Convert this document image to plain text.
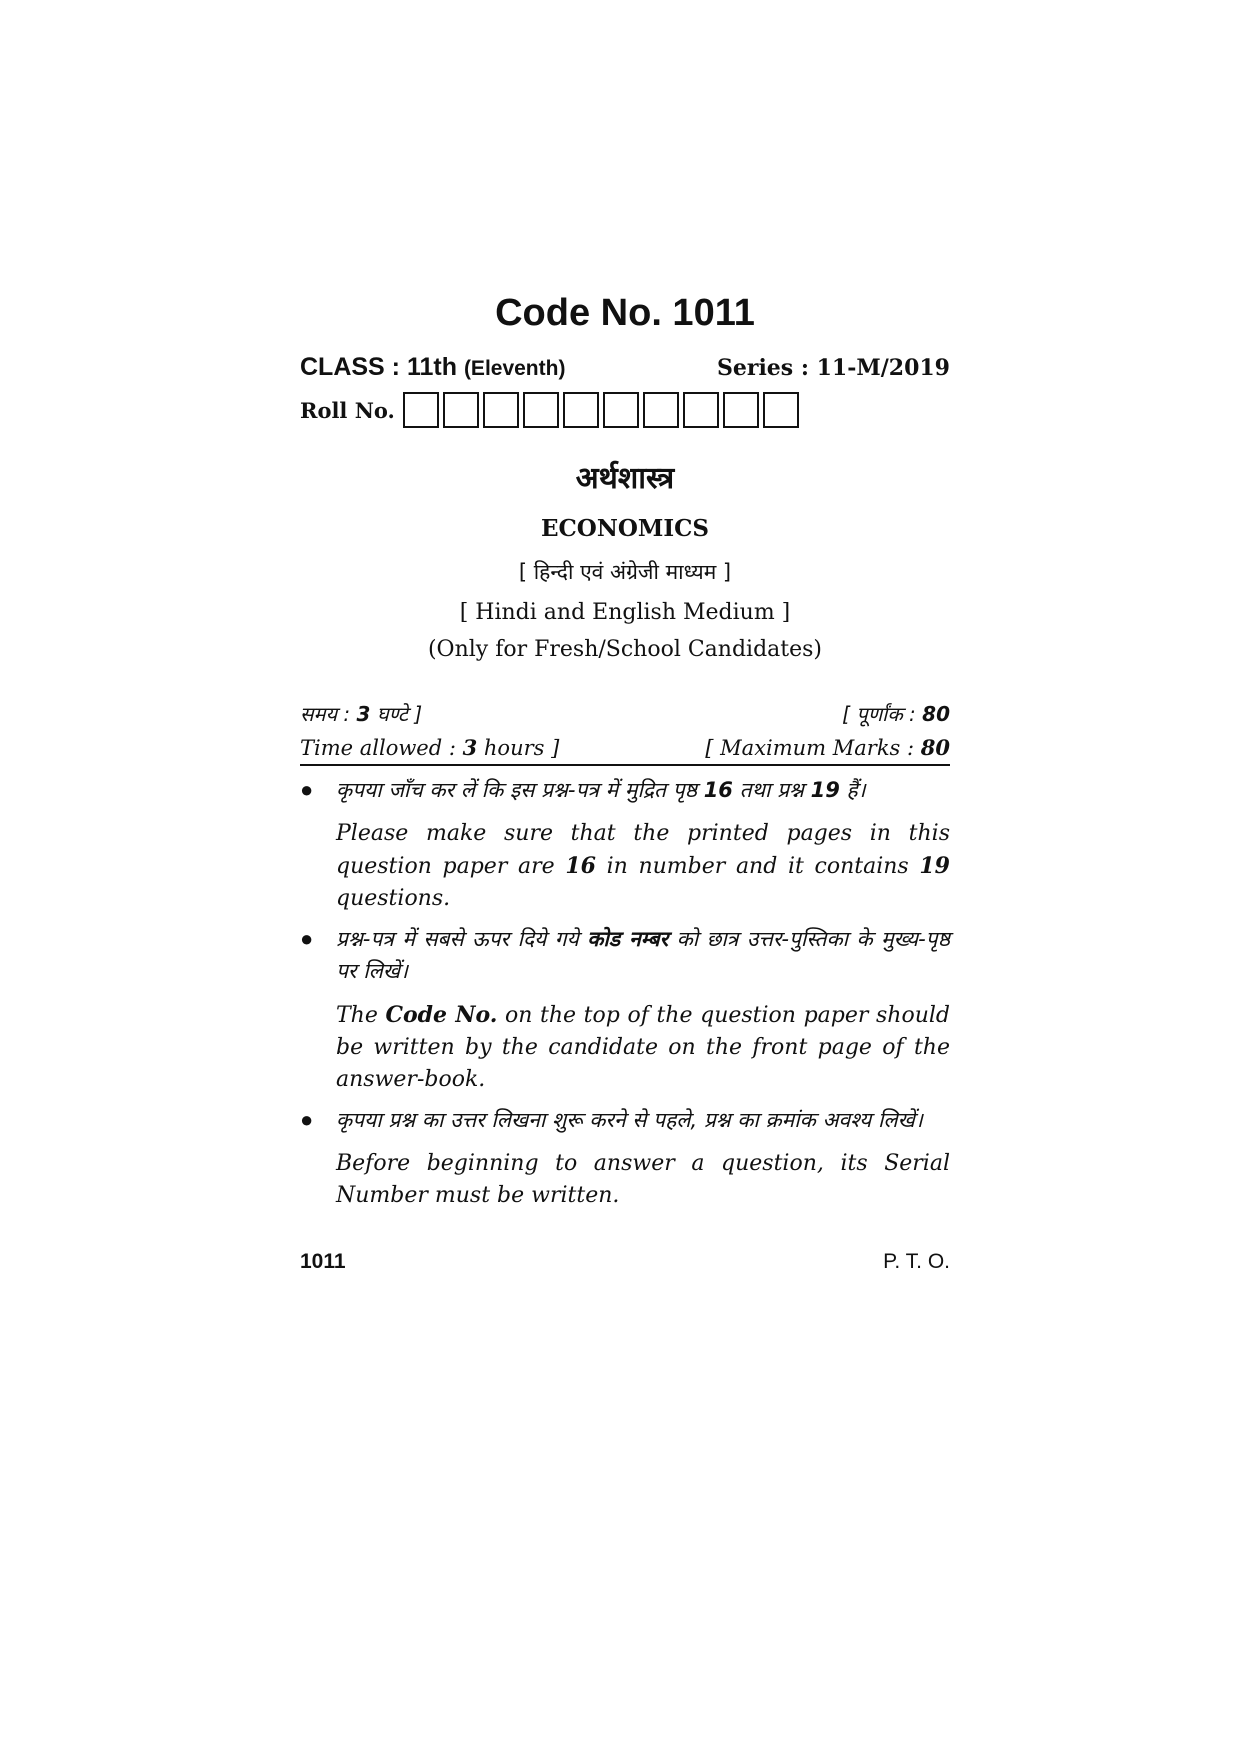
Code No. 1011
CLASS : 11th (Eleventh)	Series : 11-M/2019
Roll No.
अर्थशास्त्र
ECONOMICS
[ हिन्दी एवं अंग्रेजी माध्यम ]
[ Hindi and English Medium ]
(Only for Fresh/School Candidates)
समय : 3 घण्टे ]	[ पूर्णांक : 80
Time allowed : 3 hours ]	[ Maximum Marks : 80
●	कृपया जाँच कर लें कि इस प्रश्न-पत्र में मुद्रित पृष्ठ 16 तथा प्रश्न 19 हैं।
Please make sure that the printed pages in this question paper are 16 in number and it contains 19 questions.
●	प्रश्न-पत्र में सबसे ऊपर दिये गये कोड नम्बर को छात्र उत्तर-पुस्तिका के मुख्य-पृष्ठ पर लिखें।
The Code No. on the top of the question paper should be written by the candidate on the front page of the answer-book.
●	कृपया प्रश्न का उत्तर लिखना शुरू करने से पहले, प्रश्न का क्रमांक अवश्य लिखें।
Before beginning to answer a question, its Serial Number must be written.
1011	P. T. O.
